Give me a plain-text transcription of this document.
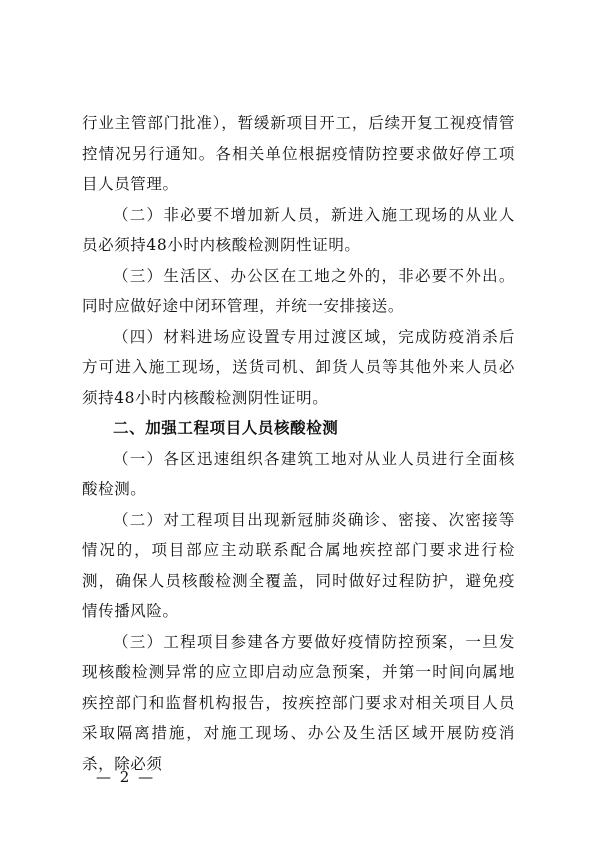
行业主管部门批准），暂缓新项目开工，后续开复工视疫情管控情况另行通知。各相关单位根据疫情防控要求做好停工项目人员管理。

（二）非必要不增加新人员，新进入施工现场的从业人员必须持48小时内核酸检测阴性证明。

（三）生活区、办公区在工地之外的，非必要不外出。同时应做好途中闭环管理，并统一安排接送。

（四）材料进场应设置专用过渡区域，完成防疫消杀后方可进入施工现场，送货司机、卸货人员等其他外来人员必须持48小时内核酸检测阴性证明。

二、加强工程项目人员核酸检测

（一）各区迅速组织各建筑工地对从业人员进行全面核酸检测。

（二）对工程项目出现新冠肺炎确诊、密接、次密接等情况的，项目部应主动联系配合属地疾控部门要求进行检测，确保人员核酸检测全覆盖，同时做好过程防护，避免疫情传播风险。

（三）工程项目参建各方要做好疫情防控预案，一旦发现核酸检测异常的应立即启动应急预案，并第一时间向属地疾控部门和监督机构报告，按疾控部门要求对相关项目人员采取隔离措施，对施工现场、办公及生活区域开展防疫消杀，除必须

— 2 —
